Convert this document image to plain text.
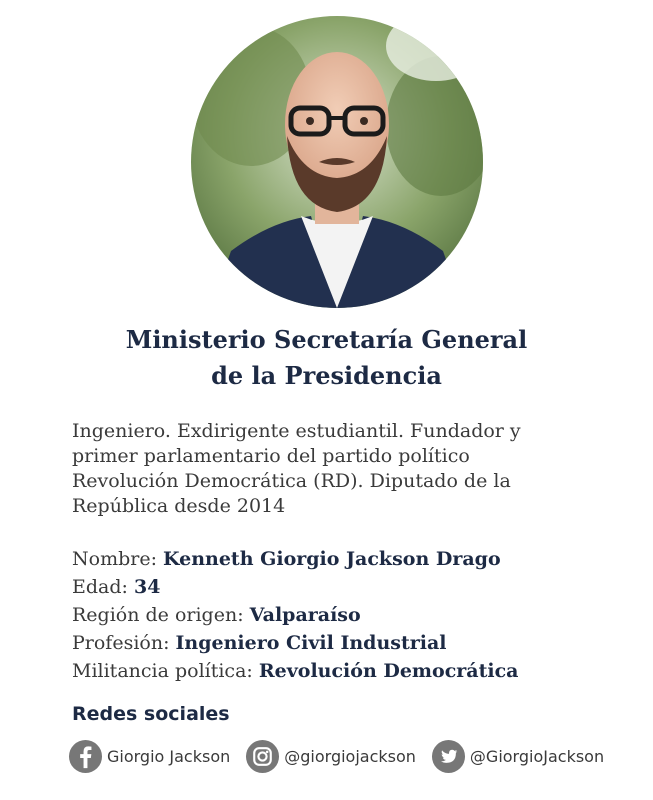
Ministerio Secretaría General
de la Presidencia
Ingeniero. Exdirigente estudiantil. Fundador y
primer parlamentario del partido político
Revolución Democrática (RD). Diputado de la
República desde 2014
Nombre: Kenneth Giorgio Jackson Drago
Edad: 34
Región de origen: Valparaíso
Profesión: Ingeniero Civil Industrial
Militancia política: Revolución Democrática
Redes sociales
Giorgio Jackson	@giorgiojackson	@GiorgioJackson
